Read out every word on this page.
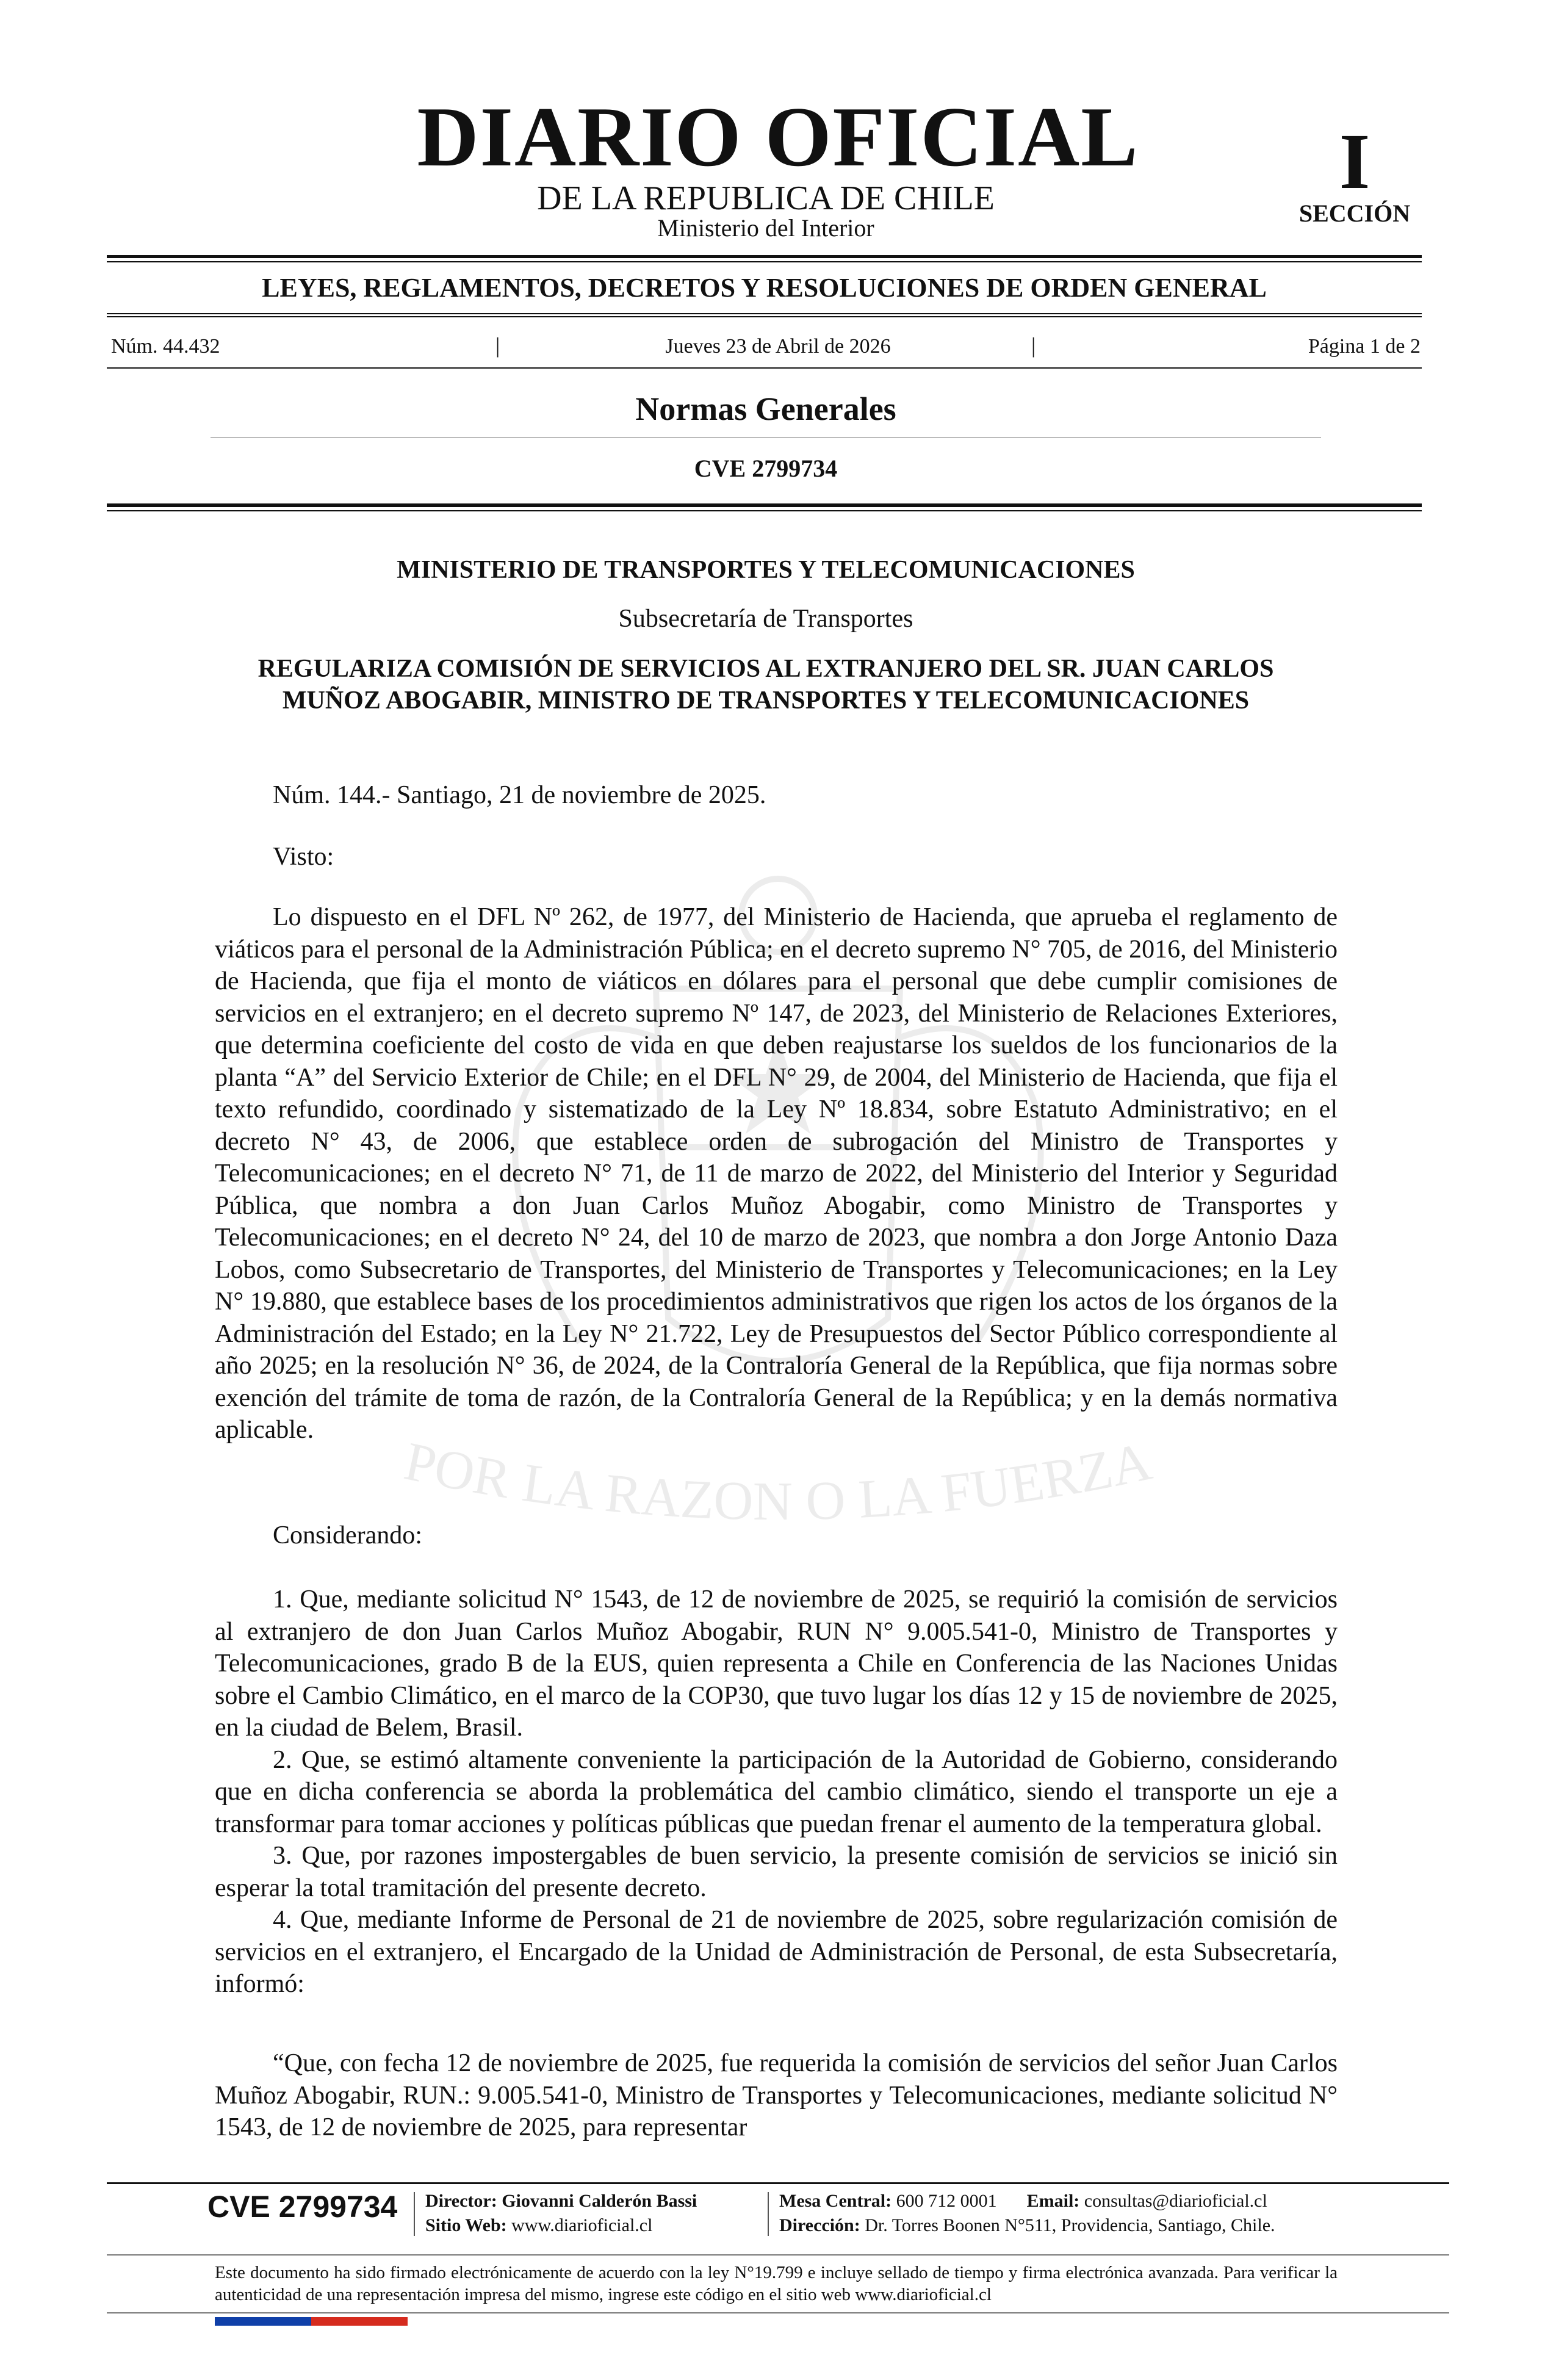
POR LA RAZON O LA FUERZA
DIARIO OFICIAL
DE LA REPUBLICA DE CHILE
Ministerio del Interior
I
SECCIÓN
LEYES, REGLAMENTOS, DECRETOS Y RESOLUCIONES DE ORDEN GENERAL
Núm. 44.432	|	Jueves 23 de Abril de 2026	|	Página 1 de 2
Normas Generales
CVE 2799734
MINISTERIO DE TRANSPORTES Y TELECOMUNICACIONES
Subsecretaría de Transportes
REGULARIZA COMISIÓN DE SERVICIOS AL EXTRANJERO DEL SR. JUAN CARLOS MUÑOZ ABOGABIR, MINISTRO DE TRANSPORTES Y TELECOMUNICACIONES
Núm. 144.- Santiago, 21 de noviembre de 2025.
Visto:
Lo dispuesto en el DFL Nº 262, de 1977, del Ministerio de Hacienda, que aprueba el reglamento de viáticos para el personal de la Administración Pública; en el decreto supremo N° 705, de 2016, del Ministerio de Hacienda, que fija el monto de viáticos en dólares para el personal que debe cumplir comisiones de servicios en el extranjero; en el decreto supremo Nº 147, de 2023, del Ministerio de Relaciones Exteriores, que determina coeficiente del costo de vida en que deben reajustarse los sueldos de los funcionarios de la planta “A” del Servicio Exterior de Chile; en el DFL N° 29, de 2004, del Ministerio de Hacienda, que fija el texto refundido, coordinado y sistematizado de la Ley Nº 18.834, sobre Estatuto Administrativo; en el decreto N° 43, de 2006, que establece orden de subrogación del Ministro de Transportes y Telecomunicaciones; en el decreto N° 71, de 11 de marzo de 2022, del Ministerio del Interior y Seguridad Pública, que nombra a don Juan Carlos Muñoz Abogabir, como Ministro de Transportes y Telecomunicaciones; en el decreto N° 24, del 10 de marzo de 2023, que nombra a don Jorge Antonio Daza Lobos, como Subsecretario de Transportes, del Ministerio de Transportes y Telecomunicaciones; en la Ley N° 19.880, que establece bases de los procedimientos administrativos que rigen los actos de los órganos de la Administración del Estado; en la Ley N° 21.722, Ley de Presupuestos del Sector Público correspondiente al año 2025; en la resolución N° 36, de 2024, de la Contraloría General de la República, que fija normas sobre exención del trámite de toma de razón, de la Contraloría General de la República; y en la demás normativa aplicable.
Considerando:

1. Que, mediante solicitud N° 1543, de 12 de noviembre de 2025, se requirió la comisión de servicios al extranjero de don Juan Carlos Muñoz Abogabir, RUN N° 9.005.541-0, Ministro de Transportes y Telecomunicaciones, grado B de la EUS, quien representa a Chile en Conferencia de las Naciones Unidas sobre el Cambio Climático, en el marco de la COP30, que tuvo lugar los días 12 y 15 de noviembre de 2025, en la ciudad de Belem, Brasil.

2. Que, se estimó altamente conveniente la participación de la Autoridad de Gobierno, considerando que en dicha conferencia se aborda la problemática del cambio climático, siendo el transporte un eje a transformar para tomar acciones y políticas públicas que puedan frenar el aumento de la temperatura global.

3. Que, por razones impostergables de buen servicio, la presente comisión de servicios se inició sin esperar la total tramitación del presente decreto.

4. Que, mediante Informe de Personal de 21 de noviembre de 2025, sobre regularización comisión de servicios en el extranjero, el Encargado de la Unidad de Administración de Personal, de esta Subsecretaría, informó:

“Que, con fecha 12 de noviembre de 2025, fue requerida la comisión de servicios del señor Juan Carlos Muñoz Abogabir, RUN.: 9.005.541-0, Ministro de Transportes y Telecomunicaciones, mediante solicitud N° 1543, de 12 de noviembre de 2025, para representar
CVE 2799734 Director: Giovanni Calderón Bassi
Sitio Web: www.diarioficial.cl
Mesa Central: 600 712 0001 Email: consultas@diarioficial.cl
Dirección: Dr. Torres Boonen N°511, Providencia, Santiago, Chile.
Este documento ha sido firmado electrónicamente de acuerdo con la ley N°19.799 e incluye sellado de tiempo y firma electrónica avanzada. Para verificar la autenticidad de una representación impresa del mismo, ingrese este código en el sitio web www.diarioficial.cl
